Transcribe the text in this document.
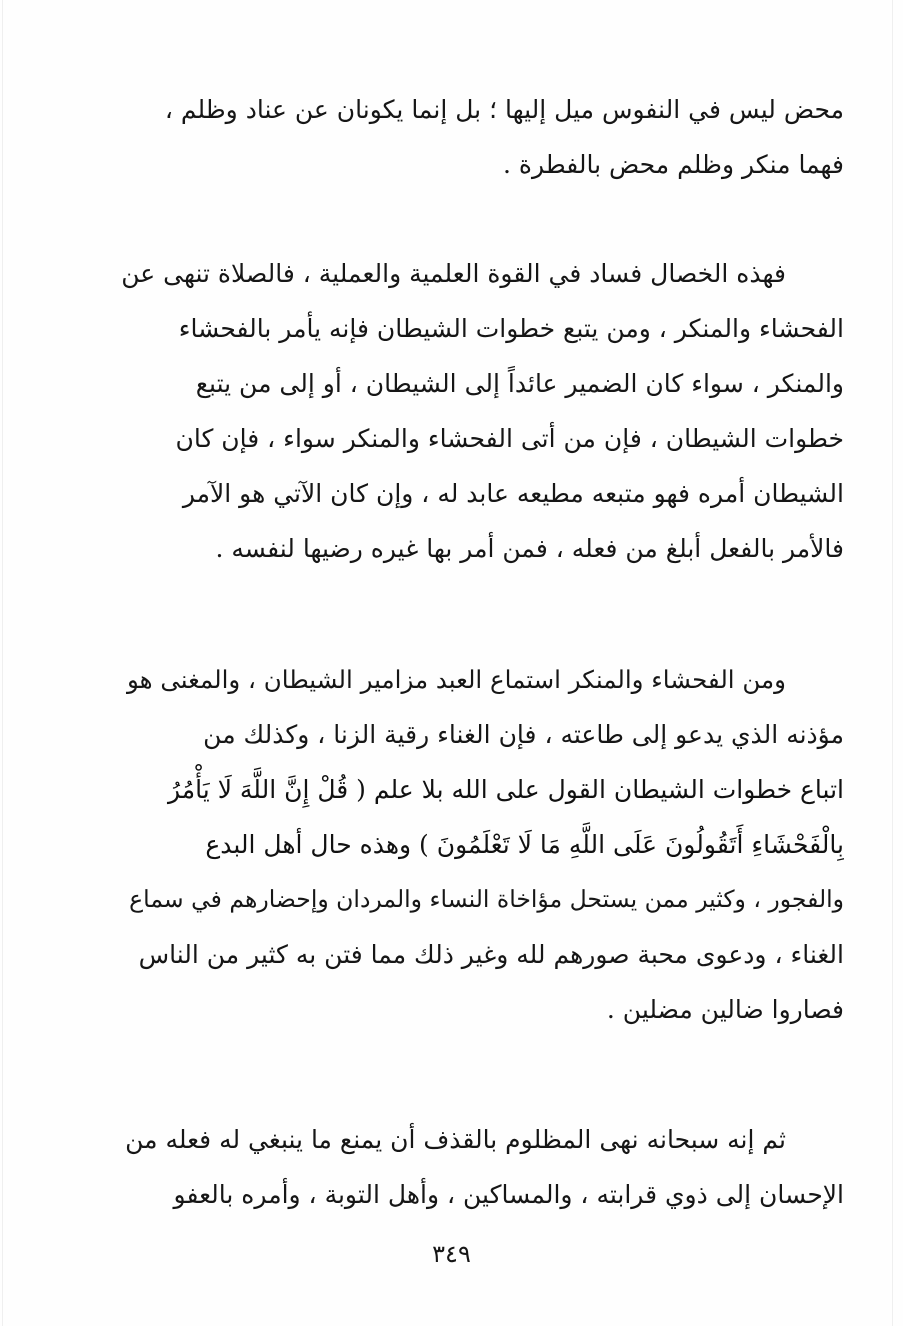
محض ليس في النفوس ميل إليها ؛ بل إنما يكونان عن عناد وظلم ،
فهما منكر وظلم محض بالفطرة .
فهذه الخصال فساد في القوة العلمية والعملية ، فالصلاة تنهى عن
الفحشاء والمنكر ، ومن يتبع خطوات الشيطان فإنه يأمر بالفحشاء
والمنكر ، سواء كان الضمير عائداً إلى الشيطان ، أو إلى من يتبع
خطوات الشيطان ، فإن من أتى الفحشاء والمنكر سواء ، فإن كان
الشيطان أمره فهو متبعه مطيعه عابد له ، وإن كان الآتي هو الآمر
فالأمر بالفعل أبلغ من فعله ، فمن أمر بها غيره رضيها لنفسه .
ومن الفحشاء والمنكر استماع العبد مزامير الشيطان ، والمغنى هو
مؤذنه الذي يدعو إلى طاعته ، فإن الغناء رقية الزنا ، وكذلك من
اتباع خطوات الشيطان القول على الله بلا علم ( قُلْ إِنَّ اللَّهَ لَا يَأْمُرُ
بِالْفَحْشَاءِ أَتَقُولُونَ عَلَى اللَّهِ مَا لَا تَعْلَمُونَ ) وهذه حال أهل البدع
والفجور ، وكثير ممن يستحل مؤاخاة النساء والمردان وإحضارهم في سماع
الغناء ، ودعوى محبة صورهم لله وغير ذلك مما فتن به كثير من الناس
فصاروا ضالين مضلين .
ثم إنه سبحانه نهى المظلوم بالقذف أن يمنع ما ينبغي له فعله من
الإحسان إلى ذوي قرابته ، والمساكين ، وأهل التوبة ، وأمره بالعفو
٣٤٩
